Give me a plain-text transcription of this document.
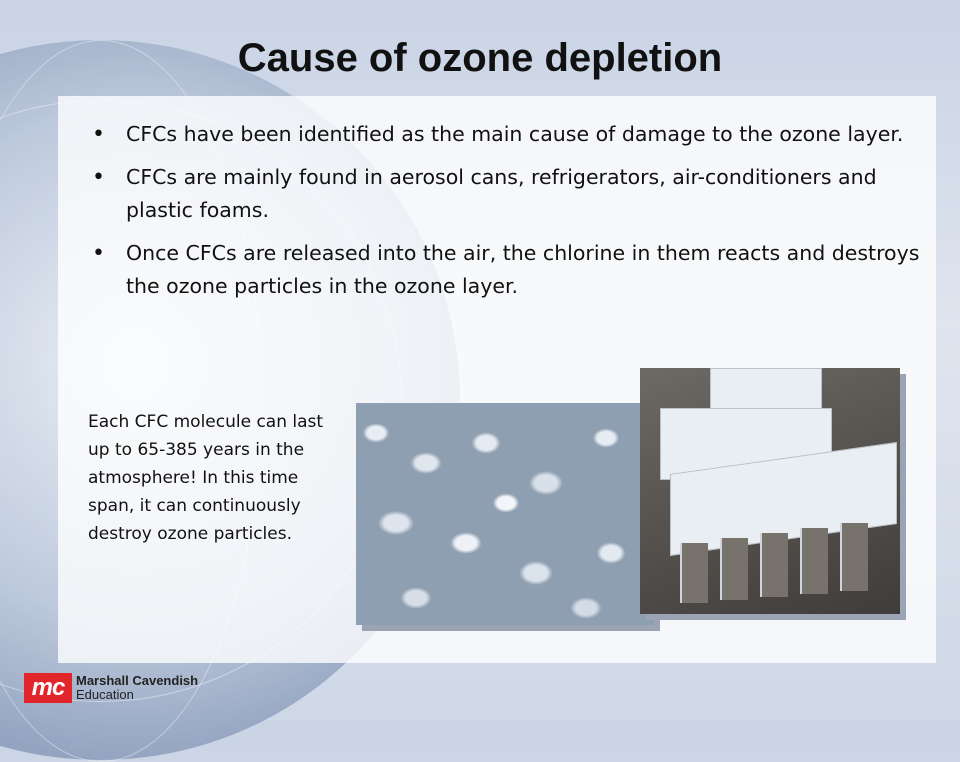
Cause of ozone depletion
• CFCs have been identified as the main cause of damage to the ozone layer.
• CFCs are mainly found in aerosol cans, refrigerators, air-conditioners and plastic foams.
• Once CFCs are released into the air, the chlorine in them reacts and destroys the ozone particles in the ozone layer.
Each CFC molecule can last up to 65-385 years in the atmosphere! In this time span, it can continuously destroy ozone particles.
mc Marshall Cavendish
Education
